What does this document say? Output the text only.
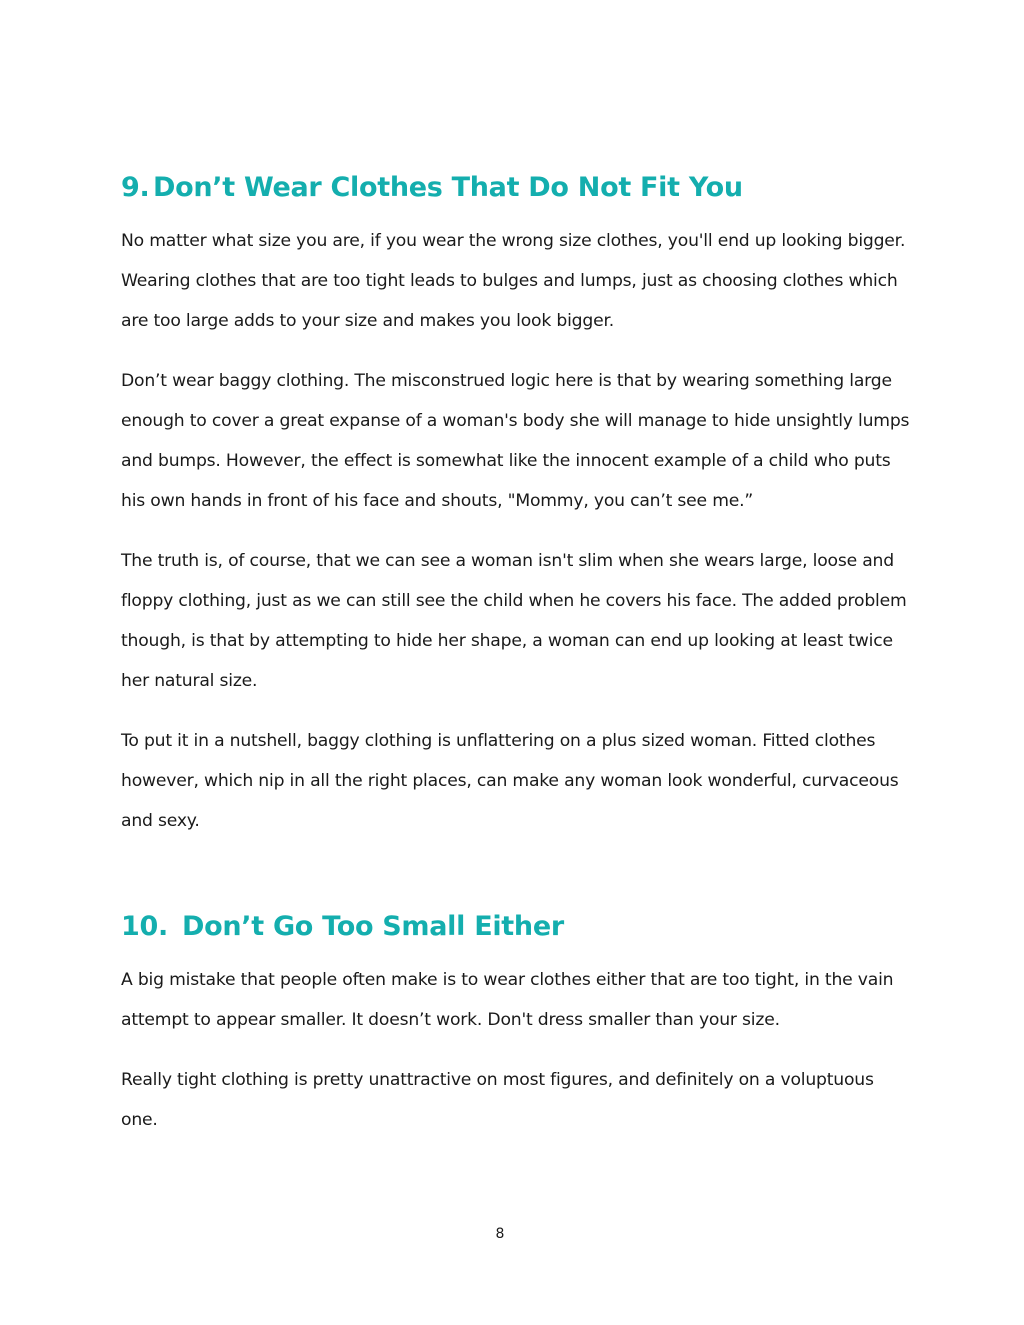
9. Don’t Wear Clothes That Do Not Fit You

No matter what size you are, if you wear the wrong size clothes, you'll end up looking bigger. Wearing clothes that are too tight leads to bulges and lumps, just as choosing clothes which are too large adds to your size and makes you look bigger.

Don’t wear baggy clothing. The misconstrued logic here is that by wearing something large enough to cover a great expanse of a woman's body she will manage to hide unsightly lumps and bumps. However, the effect is somewhat like the innocent example of a child who puts his own hands in front of his face and shouts, "Mommy, you can’t see me.”

The truth is, of course, that we can see a woman isn't slim when she wears large, loose and floppy clothing, just as we can still see the child when he covers his face. The added problem though, is that by attempting to hide her shape, a woman can end up looking at least twice her natural size.

To put it in a nutshell, baggy clothing is unflattering on a plus sized woman. Fitted clothes however, which nip in all the right places, can make any woman look wonderful, curvaceous and sexy.

10. Don’t Go Too Small Either

A big mistake that people often make is to wear clothes either that are too tight, in the vain attempt to appear smaller. It doesn’t work. Don't dress smaller than your size.

Really tight clothing is pretty unattractive on most figures, and definitely on a voluptuous one.

8
